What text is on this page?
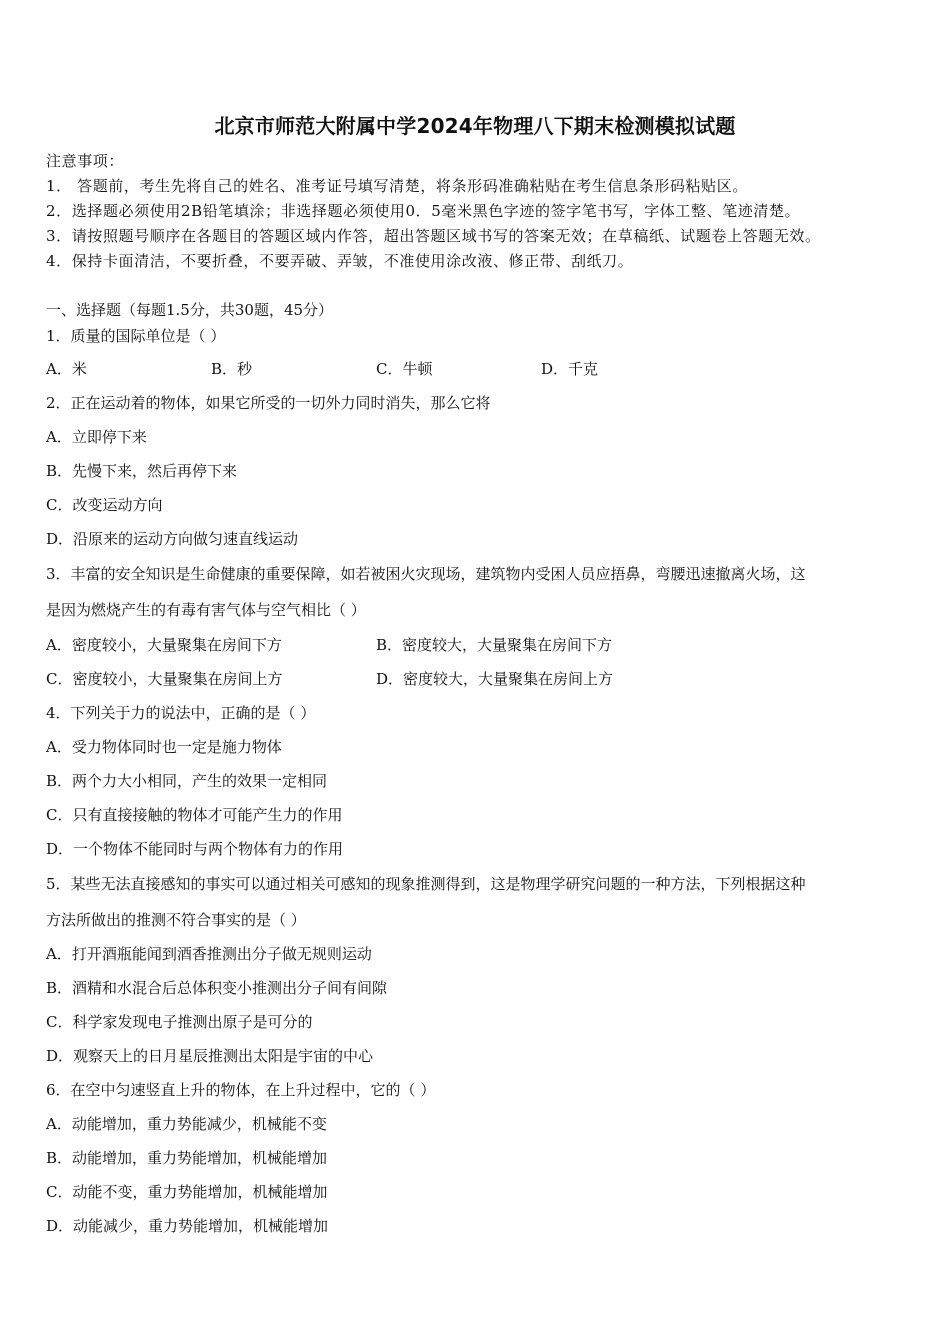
北京市师范大附属中学2024年物理八下期末检测模拟试题
注意事项：
1． 答题前，考生先将自己的姓名、准考证号填写清楚，将条形码准确粘贴在考生信息条形码粘贴区。
2．选择题必须使用2B铅笔填涂；非选择题必须使用0．5毫米黑色字迹的签字笔书写，字体工整、笔迹清楚。
3．请按照题号顺序在各题目的答题区域内作答，超出答题区域书写的答案无效；在草稿纸、试题卷上答题无效。
4．保持卡面清洁，不要折叠，不要弄破、弄皱，不准使用涂改液、修正带、刮纸刀。
一、选择题（每题1.5分，共30题，45分）
1．质量的国际单位是（ ）
A．米	B．秒	C．牛顿	D．千克
2．正在运动着的物体，如果它所受的一切外力同时消失，那么它将
A．立即停下来
B．先慢下来，然后再停下来
C．改变运动方向
D．沿原来的运动方向做匀速直线运动
3．丰富的安全知识是生命健康的重要保障，如若被困火灾现场，建筑物内受困人员应捂鼻，弯腰迅速撤离火场，这
是因为燃烧产生的有毒有害气体与空气相比（ ）
A．密度较小，大量聚集在房间下方	B．密度较大，大量聚集在房间下方
C．密度较小，大量聚集在房间上方	D．密度较大，大量聚集在房间上方
4．下列关于力的说法中，正确的是（ ）
A．受力物体同时也一定是施力物体
B．两个力大小相同，产生的效果一定相同
C．只有直接接触的物体才可能产生力的作用
D．一个物体不能同时与两个物体有力的作用
5．某些无法直接感知的事实可以通过相关可感知的现象推测得到，这是物理学研究问题的一种方法，下列根据这种
方法所做出的推测不符合事实的是（ ）
A．打开酒瓶能闻到酒香推测出分子做无规则运动
B．酒精和水混合后总体积变小推测出分子间有间隙
C．科学家发现电子推测出原子是可分的
D．观察天上的日月星辰推测出太阳是宇宙的中心
6．在空中匀速竖直上升的物体，在上升过程中，它的（ ）
A．动能增加，重力势能减少，机械能不变
B．动能增加，重力势能增加，机械能增加
C．动能不变，重力势能增加，机械能增加
D．动能减少，重力势能增加，机械能增加
